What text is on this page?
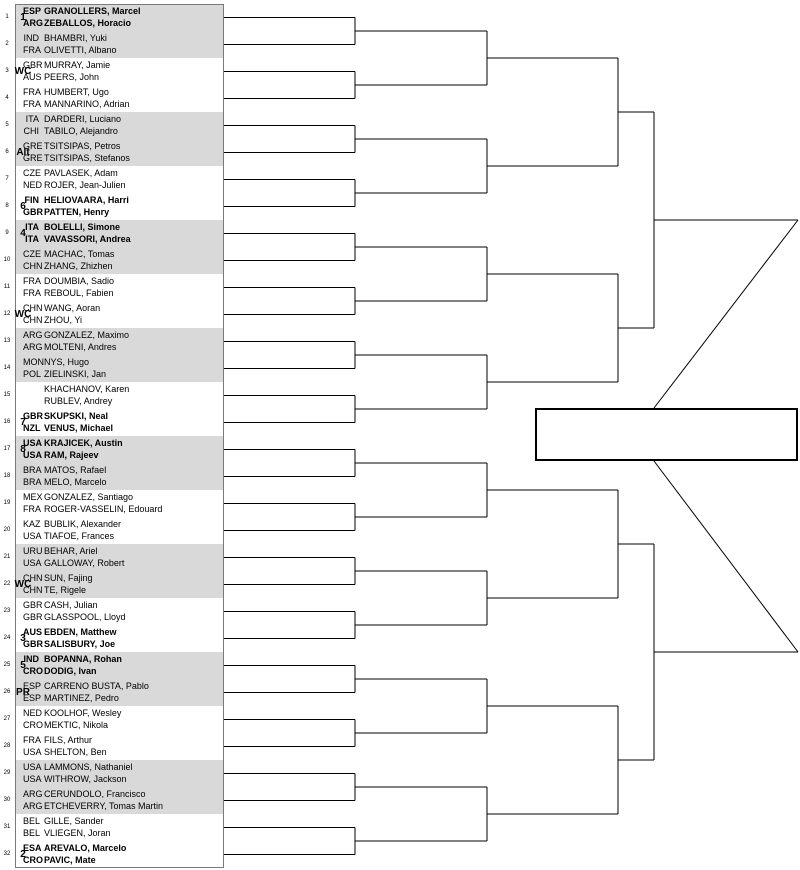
1	1
ESP GRANOLLERS, Marcel
ARGZEBALLOS, Horacio
2
IND BHAMBRI, Yuki
FRA OLIVETTI, Albano
3 WC
GBRMURRAY, Jamie
AUS PEERS, John
4
FRA HUMBERT, Ugo
FRA MANNARINO, Adrian
5
ITA DARDERI, Luciano
CHI TABILO, Alejandro
6 Alt
GRETSITSIPAS, Petros
GRETSITSIPAS, Stefanos
7
CZE PAVLASEK, Adam
NED ROJER, Jean-Julien
8	6
FIN HELIOVAARA, Harri
GBRPATTEN, Henry
9	4
ITA BOLELLI, Simone
ITA VAVASSORI, Andrea
10
CZE MACHAC, Tomas
CHN ZHANG, Zhizhen
11
FRA DOUMBIA, Sadio
FRA REBOUL, Fabien
12 WC
CHN WANG, Aoran
CHN ZHOU, Yi
13
ARGGONZALEZ, Maximo
ARGMOLTENI, Andres
14
MONNYS, Hugo
POL ZIELINSKI, Jan
15
KHACHANOV, Karen
RUBLEV, Andrey
16 7
GBRSKUPSKI, Neal
NZL VENUS, Michael
17 8
USA KRAJICEK, Austin
USA RAM, Rajeev
18
BRA MATOS, Rafael
BRA MELO, Marcelo
19
MEXGONZALEZ, Santiago
FRA ROGER-VASSELIN, Edouard
20
KAZ BUBLIK, Alexander
USA TIAFOE, Frances
21
URU BEHAR, Ariel
USA GALLOWAY, Robert
22 WC
CHN SUN, Fajing
CHN TE, Rigele
23
GBRCASH, Julian
GBRGLASSPOOL, Lloyd
24 3
AUS EBDEN, Matthew
GBRSALISBURY, Joe
25 5
IND BOPANNA, Rohan
CRODODIG, Ivan
26 PR
ESP CARRENO BUSTA, Pablo
ESP MARTINEZ, Pedro
27
NED KOOLHOF, Wesley
CROMEKTIC, Nikola
28
FRA FILS, Arthur
USA SHELTON, Ben
29
USA LAMMONS, Nathaniel
USA WITHROW, Jackson
30
ARGCERUNDOLO, Francisco
ARGETCHEVERRY, Tomas Martin
31
BEL GILLE, Sander
BEL VLIEGEN, Joran
32 2
ESA AREVALO, Marcelo
CROPAVIC, Mate
